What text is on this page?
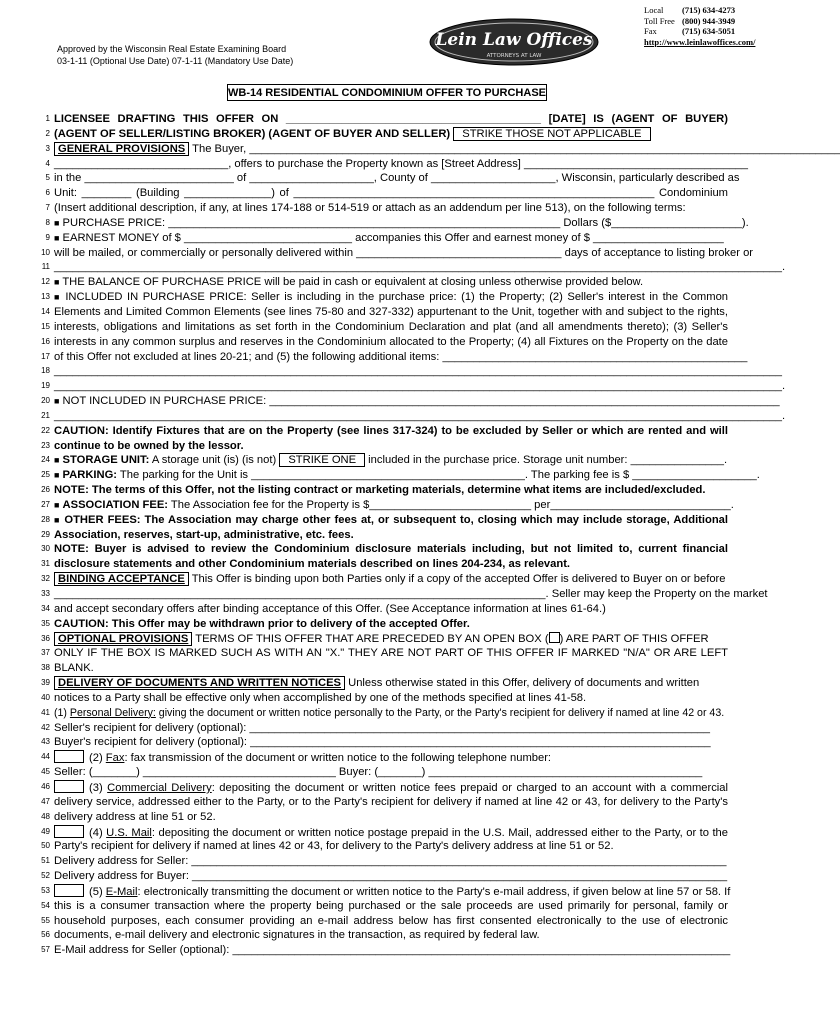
Approved by the Wisconsin Real Estate Examining Board
03-1-11 (Optional Use Date) 07-1-11 (Mandatory Use Date)
Lein Law Offices
ATTORNEYS AT LAW
Local (715) 634-4273
Toll Free (800) 944-3949
Fax	(715) 634-5051
http://www.leinlawoffices.com/
WB-14 RESIDENTIAL CONDOMINIUM OFFER TO PURCHASE
1 LICENSEE DRAFTING THIS OFFER ON _________________________________________ [DATE] IS (AGENT OF BUYER)
2 (AGENT OF SELLER/LISTING BROKER) (AGENT OF BUYER AND SELLER) STRIKE THOSE NOT APPLICABLE
3 GENERAL PROVISIONS The Buyer, _______________________________________________________________________________________________
4 ____________________________, offers to purchase the Property known as [Street Address] ____________________________________
5 in the ________________________ of ____________________, County of ____________________, Wisconsin, particularly described as
6 Unit: ________ (Building ______________) of __________________________________________________________ Condominium
7 (Insert additional description, if any, at lines 174-188 or 514-519 or attach as an addendum per line 513), on the following terms:
8 ■ PURCHASE PRICE: _______________________________________________________________ Dollars ($_____________________).
9 ■ EARNEST MONEY of $ ___________________________ accompanies this Offer and earnest money of $ _____________________
10 will be mailed, or commercially or personally delivered within _________________________________ days of acceptance to listing broker or
11 _____________________________________________________________________________________________________________________.
12 ■ THE BALANCE OF PURCHASE PRICE will be paid in cash or equivalent at closing unless otherwise provided below.
13 ■ INCLUDED IN PURCHASE PRICE: Seller is including in the purchase price: (1) the Property; (2) Seller's interest in the Common
14 Elements and Limited Common Elements (see lines 75-80 and 327-332) appurtenant to the Unit, together with and subject to the rights,
15 interests, obligations and limitations as set forth in the Condominium Declaration and plat (and all amendments thereto); (3) Seller's
16 interests in any common surplus and reserves in the Condominium allocated to the Property; (4) all Fixtures on the Property on the date
17 of this Offer not excluded at lines 20-21; and (5) the following additional items: _________________________________________________
18 _____________________________________________________________________________________________________________________
19 _____________________________________________________________________________________________________________________.
20 ■ NOT INCLUDED IN PURCHASE PRICE: __________________________________________________________________________________
21 _____________________________________________________________________________________________________________________.
22 CAUTION: Identify Fixtures that are on the Property (see lines 317-324) to be excluded by Seller or which are rented and will
23 continue to be owned by the lessor.
24 ■ STORAGE UNIT: A storage unit (is) (is not) STRIKE ONE included in the purchase price. Storage unit number: _______________.
25 ■ PARKING: The parking for the Unit is ____________________________________________. The parking fee is $ ____________________.
26 NOTE: The terms of this Offer, not the listing contract or marketing materials, determine what items are included/excluded.
27 ■ ASSOCIATION FEE: The Association fee for the Property is $__________________________ per_____________________________.
28 ■ OTHER FEES: The Association may charge other fees at, or subsequent to, closing which may include storage, Additional
29 Association, reserves, start-up, administrative, etc. fees.
30 NOTE: Buyer is advised to review the Condominium disclosure materials including, but not limited to, current financial
31 disclosure statements and other Condominium materials described on lines 204-234, as relevant.
32 BINDING ACCEPTANCE This Offer is binding upon both Parties only if a copy of the accepted Offer is delivered to Buyer on or before
33 _______________________________________________________________________________. Seller may keep the Property on the market
34 and accept secondary offers after binding acceptance of this Offer. (See Acceptance information at lines 61-64.)
35 CAUTION: This Offer may be withdrawn prior to delivery of the accepted Offer.
36 OPTIONAL PROVISIONS TERMS OF THIS OFFER THAT ARE PRECEDED BY AN OPEN BOX ( ) ARE PART OF THIS OFFER
37 ONLY IF THE BOX IS MARKED SUCH AS WITH AN "X." THEY ARE NOT PART OF THIS OFFER IF MARKED "N/A" OR ARE LEFT
38 BLANK.
39 DELIVERY OF DOCUMENTS AND WRITTEN NOTICES Unless otherwise stated in this Offer, delivery of documents and written
40 notices to a Party shall be effective only when accomplished by one of the methods specified at lines 41-58.
41 (1) Personal Delivery: giving the document or written notice personally to the Party, or the Party's recipient for delivery if named at line 42 or 43.
42 Seller's recipient for delivery (optional): __________________________________________________________________________
43 Buyer's recipient for delivery (optional): __________________________________________________________________________
44	(2) Fax: fax transmission of the document or written notice to the following telephone number:
45 Seller: (_______) _______________________________ Buyer: (_______) ____________________________________________
46	(3) Commercial Delivery: depositing the document or written notice fees prepaid or charged to an account with a commercial
47 delivery service, addressed either to the Party, or to the Party's recipient for delivery if named at line 42 or 43, for delivery to the Party's
48 delivery address at line 51 or 52.
49	(4) U.S. Mail: depositing the document or written notice postage prepaid in the U.S. Mail, addressed either to the Party, or to the
50 Party's recipient for delivery if named at lines 42 or 43, for delivery to the Party's delivery address at line 51 or 52.
51 Delivery address for Seller: ______________________________________________________________________________________
52 Delivery address for Buyer: ______________________________________________________________________________________
53	(5) E-Mail: electronically transmitting the document or written notice to the Party's e-mail address, if given below at line 57 or 58. If
54 this is a consumer transaction where the property being purchased or the sale proceeds are used primarily for personal, family or
55 household purposes, each consumer providing an e-mail address below has first consented electronically to the use of electronic
56 documents, e-mail delivery and electronic signatures in the transaction, as required by federal law.
57 E-Mail address for Seller (optional): ________________________________________________________________________________
